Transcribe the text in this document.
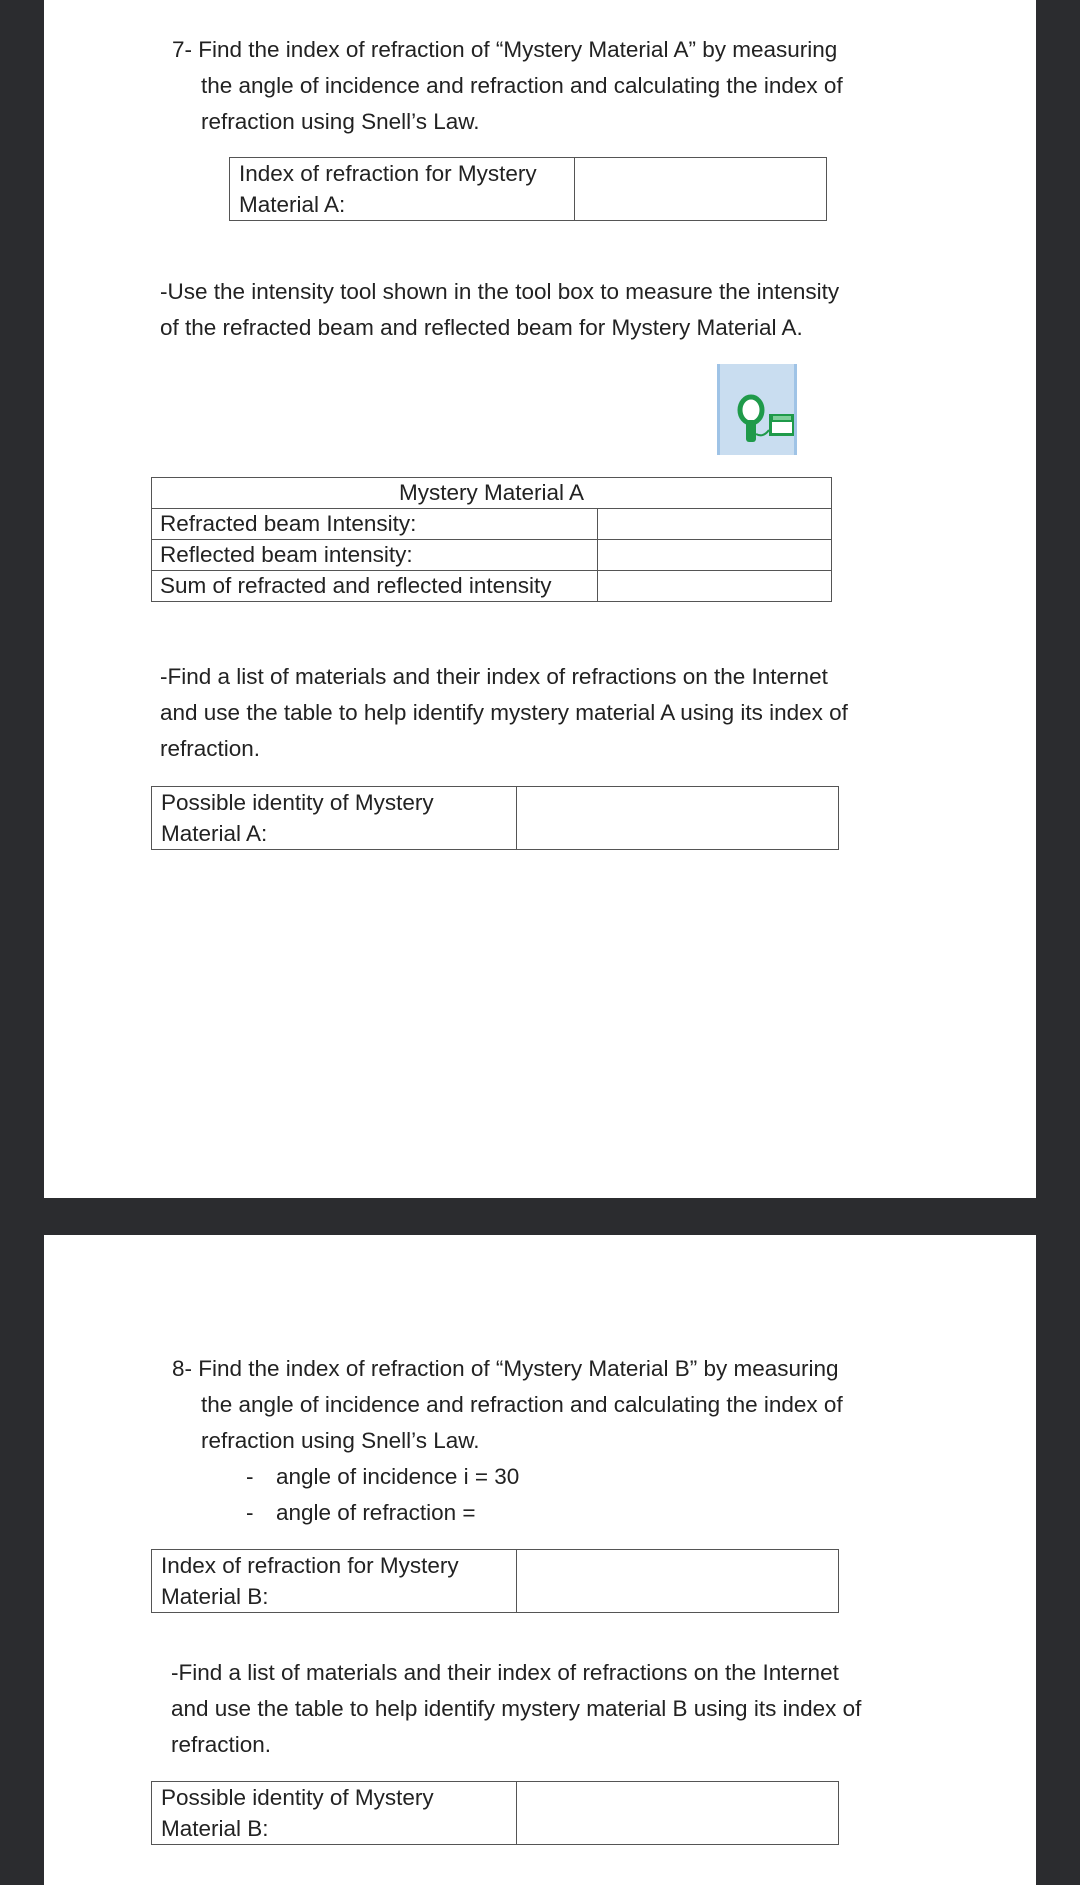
7- Find the index of refraction of “Mystery Material A” by measuring
the angle of incidence and refraction and calculating the index of
refraction using Snell’s Law.

Index of refraction for Mystery
Material A:

-Use the intensity tool shown in the tool box to measure the intensity
of the refracted beam and reflected beam for Mystery Material A.

Mystery Material A	
Refracted beam Intensity:	
Reflected beam intensity:	
Sum of refracted and reflected intensity	

-Find a list of materials and their index of refractions on the Internet
and use the table to help identify mystery material A using its index of
refraction.

Possible identity of Mystery
Material A:

8- Find the index of refraction of “Mystery Material B” by measuring
the angle of incidence and refraction and calculating the index of
refraction using Snell’s Law.

- angle of incidence i = 30
- angle of refraction =
Index of refraction for Mystery
Material B:

-Find a list of materials and their index of refractions on the Internet
and use the table to help identify mystery material B using its index of
refraction.

Possible identity of Mystery
Material B:
